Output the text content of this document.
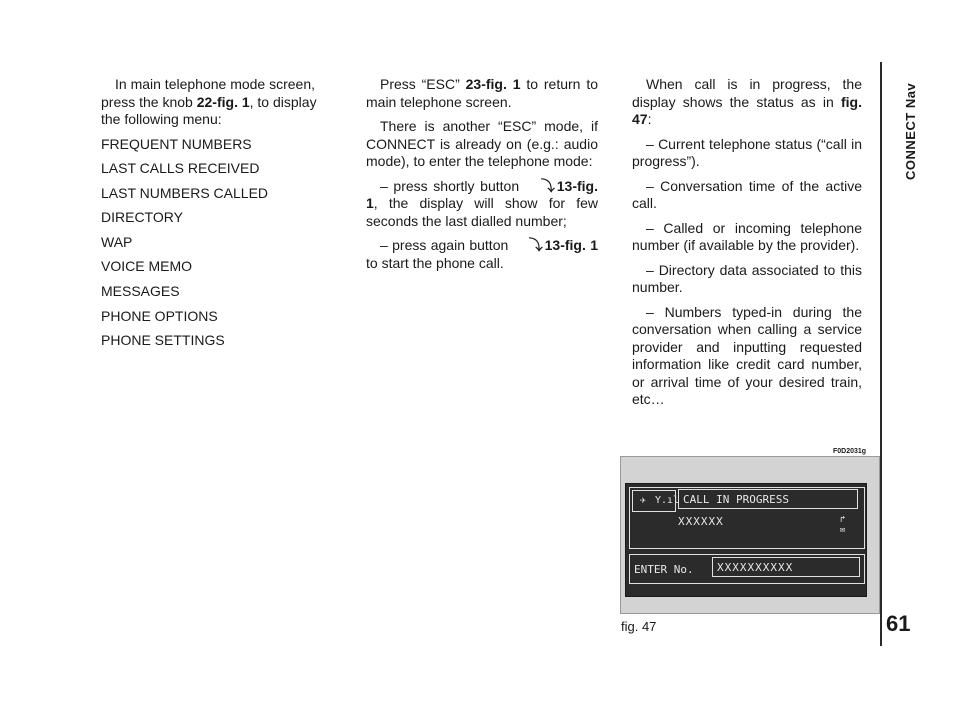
In main telephone mode screen, press the knob 22-fig. 1, to display the following menu:

FREQUENT NUMBERS
LAST CALLS RECEIVED
LAST NUMBERS CALLED
DIRECTORY
WAP
VOICE MEMO
MESSAGES
PHONE OPTIONS
PHONE SETTINGS

Press “ESC” 23-fig. 1 to return to main telephone screen.

There is another “ESC” mode, if CONNECT is already on (e.g.: audio mode), to enter the telephone mode:

– press shortly button ⤵ 13-fig. 1, the display will show for few seconds the last dialled number;

– press again button ⤵ 13-fig. 1 to start the phone call.

When call is in progress, the display shows the status as in fig. 47:

– Current telephone status (“call in progress”).

– Conversation time of the active call.

– Called or incoming telephone number (if available by the provider).

– Directory data associated to this number.

– Numbers typed-in during the conversation when calling a service provider and inputting requested information like credit card number, or arrival time of your desired train, etc…

CONNECT Nav
61
F0D2031g
✈ Y.ıl CALL IN PROGRESS
XXXXXX	↱
✉
ENTER No.	XXXXXXXXXX
fig. 47
